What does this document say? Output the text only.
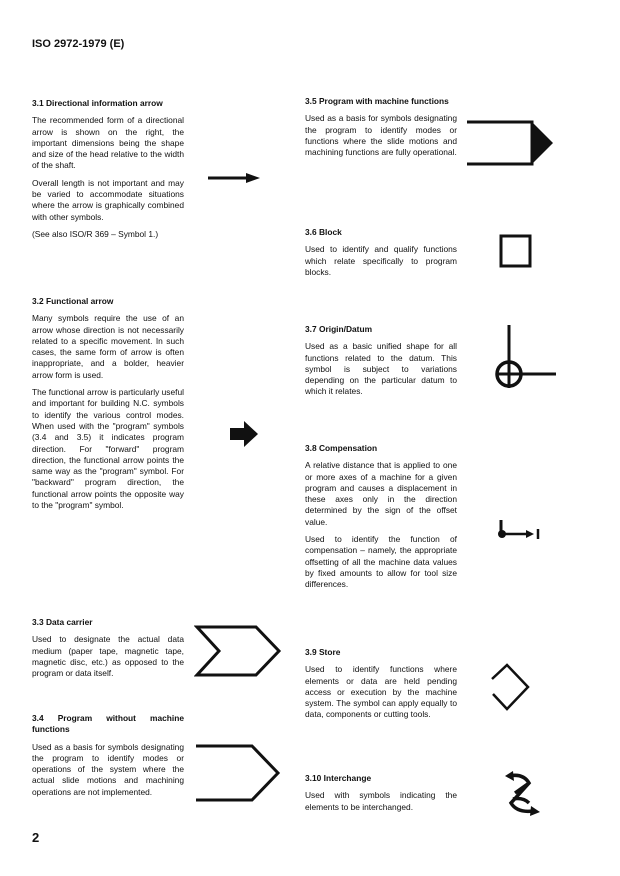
ISO 2972-1979 (E)
3.1 Directional information arrow

The recommended form of a directional arrow is shown on the right, the important dimensions being the shape and size of the head relative to the width of the shaft.

Overall length is not important and may be varied to accommodate situations where the arrow is graphically combined with other symbols.

(See also ISO/R 369 – Symbol 1.)

3.2 Functional arrow

Many symbols require the use of an arrow whose direction is not necessarily related to a specific movement. In such cases, the same form of arrow is often inappropriate, and a bolder, heavier arrow form is used.

The functional arrow is particularly useful and important for building N.C. symbols to identify the various control modes. When used with the "program" symbols (3.4 and 3.5) it indicates program direction. For "forward" program direction, the functional arrow points the same way as the "program" symbol. For "backward" program direction, the functional arrow points the opposite way to the "program" symbol.

3.3 Data carrier

Used to designate the actual data medium (paper tape, magnetic tape, magnetic disc, etc.) as opposed to the program or data itself.

3.4 Program without machine functions

Used as a basis for symbols designating the program to identify modes or operations of the system where the actual slide motions and machining operations are not implemented.

2
3.5 Program with machine functions

Used as a basis for symbols designating the program to identify modes or functions where the slide motions and machining functions are fully operational.

3.6 Block

Used to identify and qualify functions which relate specifically to program blocks.

3.7 Origin/Datum

Used as a basic unified shape for all functions related to the datum. This symbol is subject to variations depending on the particular datum to which it relates.

3.8 Compensation

A relative distance that is applied to one or more axes of a machine for a given program and causes a displacement in these axes only in the direction determined by the sign of the offset value.

Used to identify the function of compensation – namely, the appropriate offsetting of all the machine data values by fixed amounts to allow for tool size differences.

3.9 Store

Used to identify functions where elements or data are held pending access or execution by the machine system. The symbol can apply equally to data, components or cutting tools.

3.10 Interchange

Used with symbols indicating the elements to be interchanged.
